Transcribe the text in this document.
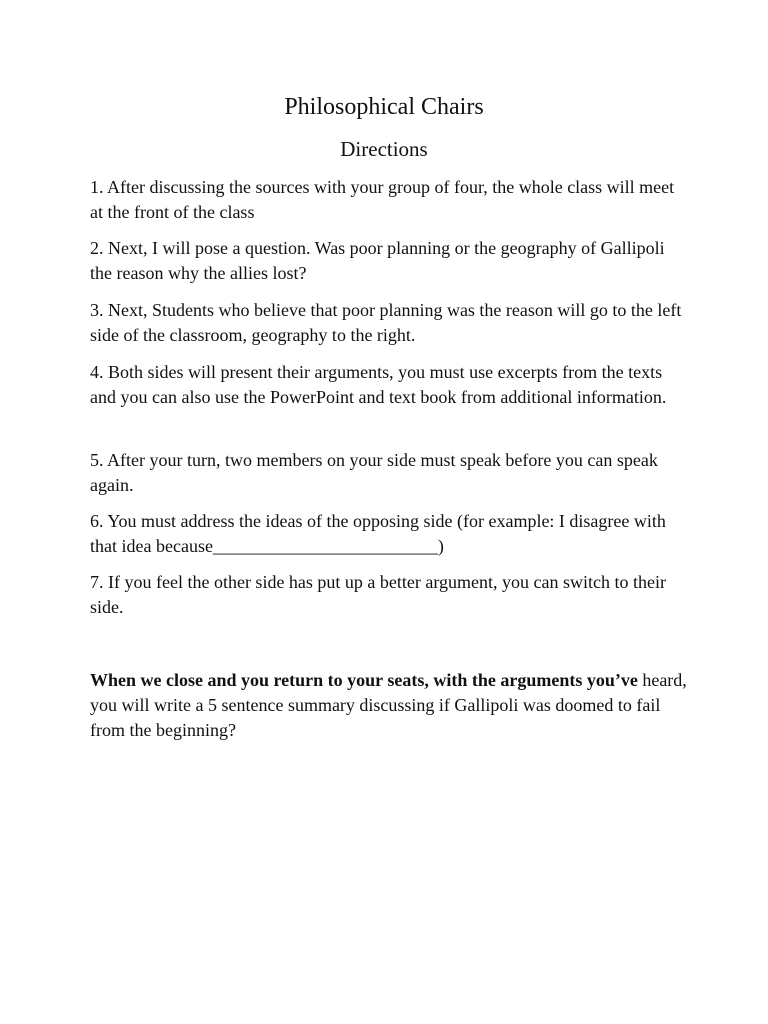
Philosophical Chairs
Directions

1. After discussing the sources with your group of four, the whole class will meet at the front of the class

2. Next, I will pose a question. Was poor planning or the geography of Gallipoli the reason why the allies lost?

3. Next, Students who believe that poor planning was the reason will go to the left side of the classroom, geography to the right.

4. Both sides will present their arguments, you must use excerpts from the texts and you can also use the PowerPoint and text book from additional information.

5. After your turn, two members on your side must speak before you can speak again.

6. You must address the ideas of the opposing side (for example: I disagree with that idea because_________________________)

7. If you feel the other side has put up a better argument, you can switch to their side.

When we close and you return to your seats, with the arguments you’ve heard, you will write a 5 sentence summary discussing if Gallipoli was doomed to fail from the beginning?
